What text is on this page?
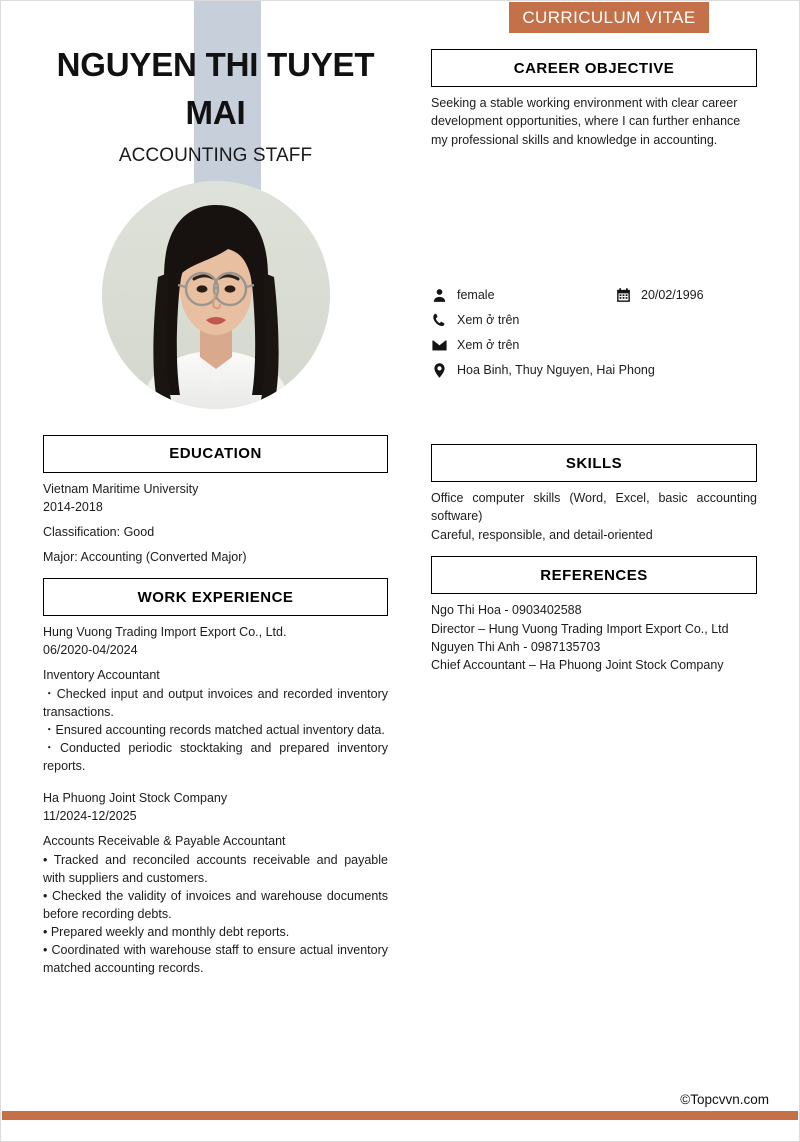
CURRICULUM VITAE
NGUYEN THI TUYET MAI
ACCOUNTING STAFF
EDUCATION
Vietnam Maritime University
2014-2018
Classification: Good
Major: Accounting (Converted Major)
WORK EXPERIENCE
Hung Vuong Trading Import Export Co., Ltd.
06/2020-04/2024
Inventory Accountant
・Checked input and output invoices and recorded inventory transactions.
・Ensured accounting records matched actual inventory data.
・Conducted periodic stocktaking and prepared inventory reports.
Ha Phuong Joint Stock Company
11/2024-12/2025
Accounts Receivable & Payable Accountant
• Tracked and reconciled accounts receivable and payable with suppliers and customers.
• Checked the validity of invoices and warehouse documents before recording debts.
• Prepared weekly and monthly debt reports.
• Coordinated with warehouse staff to ensure actual inventory matched accounting records.
CAREER OBJECTIVE

Seeking a stable working environment with clear career development opportunities, where I can further enhance my professional skills and knowledge in accounting.

female	20/02/1996
Xem ở trên
Xem ở trên
Hoa Binh, Thuy Nguyen, Hai Phong
SKILLS
Office computer skills (Word, Excel, basic accounting software)
Careful, responsible, and detail-oriented
REFERENCES
Ngo Thi Hoa - 0903402588
Director – Hung Vuong Trading Import Export Co., Ltd
Nguyen Thi Anh - 0987135703
Chief Accountant – Ha Phuong Joint Stock Company
©Topcvvn.com
